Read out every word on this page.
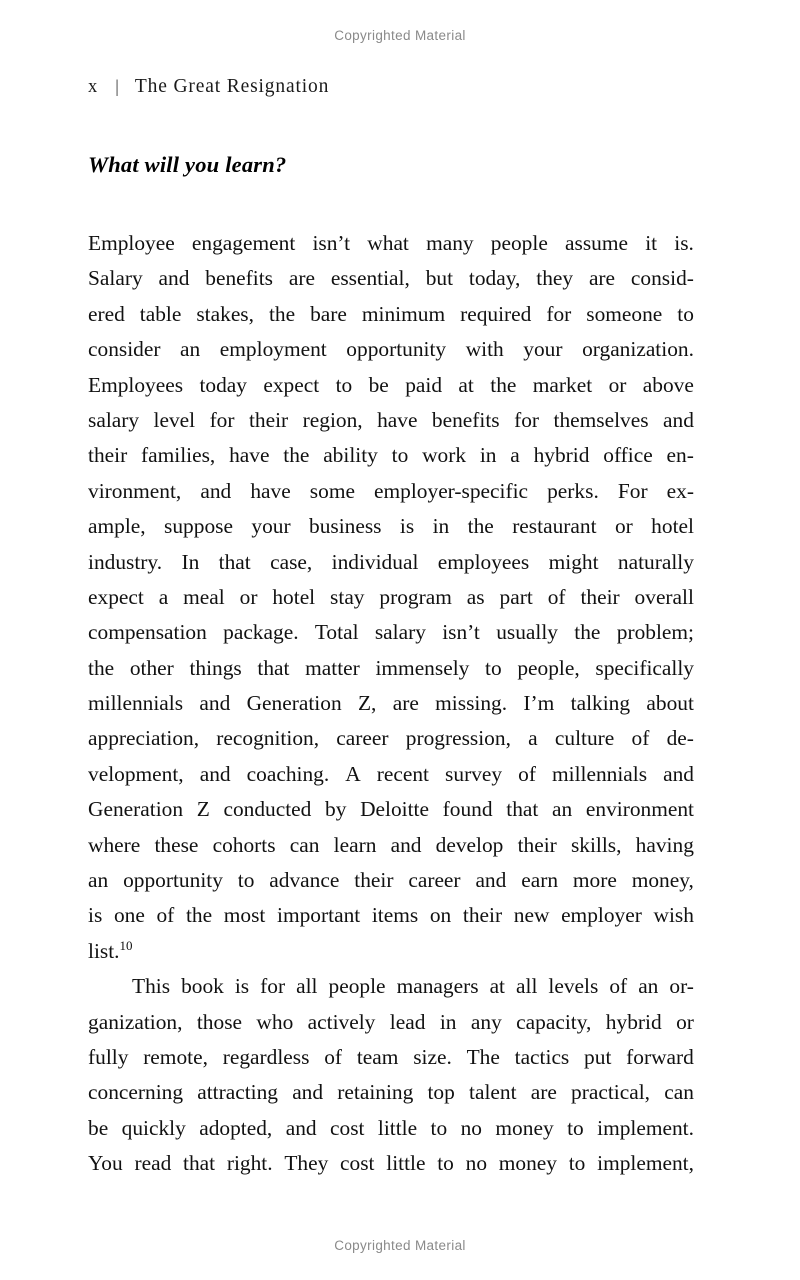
Copyrighted Material
x | The Great Resignation
What will you learn?
Employee engagement isn’t what many people assume it is.
Salary and benefits are essential, but today, they are consid-
ered table stakes, the bare minimum required for someone to
consider an employment opportunity with your organization.
Employees today expect to be paid at the market or above
salary level for their region, have benefits for themselves and
their families, have the ability to work in a hybrid office en-
vironment, and have some employer-specific perks. For ex-
ample, suppose your business is in the restaurant or hotel
industry. In that case, individual employees might naturally
expect a meal or hotel stay program as part of their overall
compensation package. Total salary isn’t usually the problem;
the other things that matter immensely to people, specifically
millennials and Generation Z, are missing. I’m talking about
appreciation, recognition, career progression, a culture of de-
velopment, and coaching. A recent survey of millennials and
Generation Z conducted by Deloitte found that an environment
where these cohorts can learn and develop their skills, having
an opportunity to advance their career and earn more money,
is one of the most important items on their new employer wish
list.$^{10}$
This book is for all people managers at all levels of an or-
ganization, those who actively lead in any capacity, hybrid or
fully remote, regardless of team size. The tactics put forward
concerning attracting and retaining top talent are practical, can
be quickly adopted, and cost little to no money to implement.
You read that right. They cost little to no money to implement,
Copyrighted Material
